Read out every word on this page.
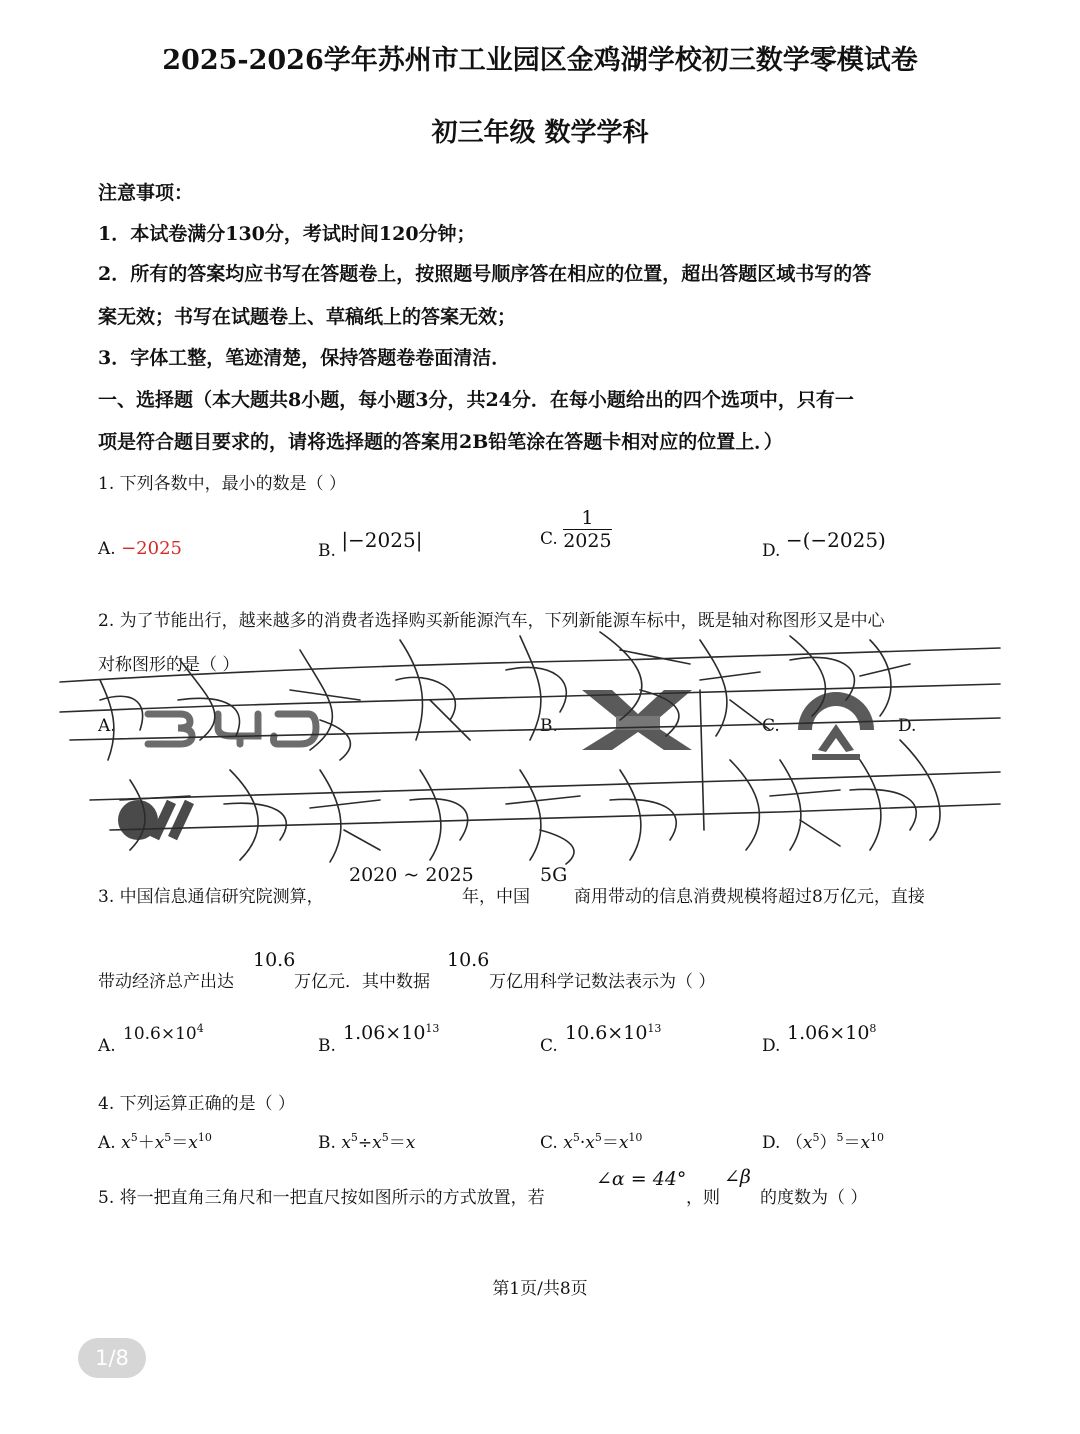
2025-2026学年苏州市工业园区金鸡湖学校初三数学零模试卷
初三年级 数学学科
注意事项：
1．本试卷满分130分，考试时间120分钟；
2．所有的答案均应书写在答题卷上，按照题号顺序答在相应的位置，超出答题区域书写的答
案无效；书写在试题卷上、草稿纸上的答案无效；
3．字体工整，笔迹清楚，保持答题卷卷面清洁．
一、选择题（本大题共8小题，每小题3分，共24分．在每小题给出的四个选项中，只有一
项是符合题目要求的，请将选择题的答案用2B铅笔涂在答题卡相对应的位置上．）
1. 下列各数中，最小的数是（ ）
A. −2025	B. |−2025|	C. $\frac{1}{2025}$	D. −(−2025)
2. 为了节能出行，越来越多的消费者选择购买新能源汽车，下列新能源车标中，既是轴对称图形又是中心
对称图形的是（ ）
A.	B.	C.	D.
3. 中国信息通信研究院测算，
2020 ~ 2025
年，中国
5G
商用带动的信息消费规模将超过8万亿元，直接
带动经济总产出达
10.6
万亿元．其中数据
10.6
万亿用科学记数法表示为（ ）
A.
$10.6\times 10^4$
B.
$1.06\times 10^{13}$
C.
$10.6\times 10^{13}$
D.
$1.06\times 10^8$
4. 下列运算正确的是（ ）
A. $x^5+x^5=x^{10}$	B. $x^5\div x^5=x$	C. $x^5\cdot x^5=x^{10}$	D. $(x^5)^5=x^{10}$
5. 将一把直角三角尺和一把直尺按如图所示的方式放置，若
∠α = 44°
，则
∠β
的度数为（ ）
第1页/共8页
1/8
